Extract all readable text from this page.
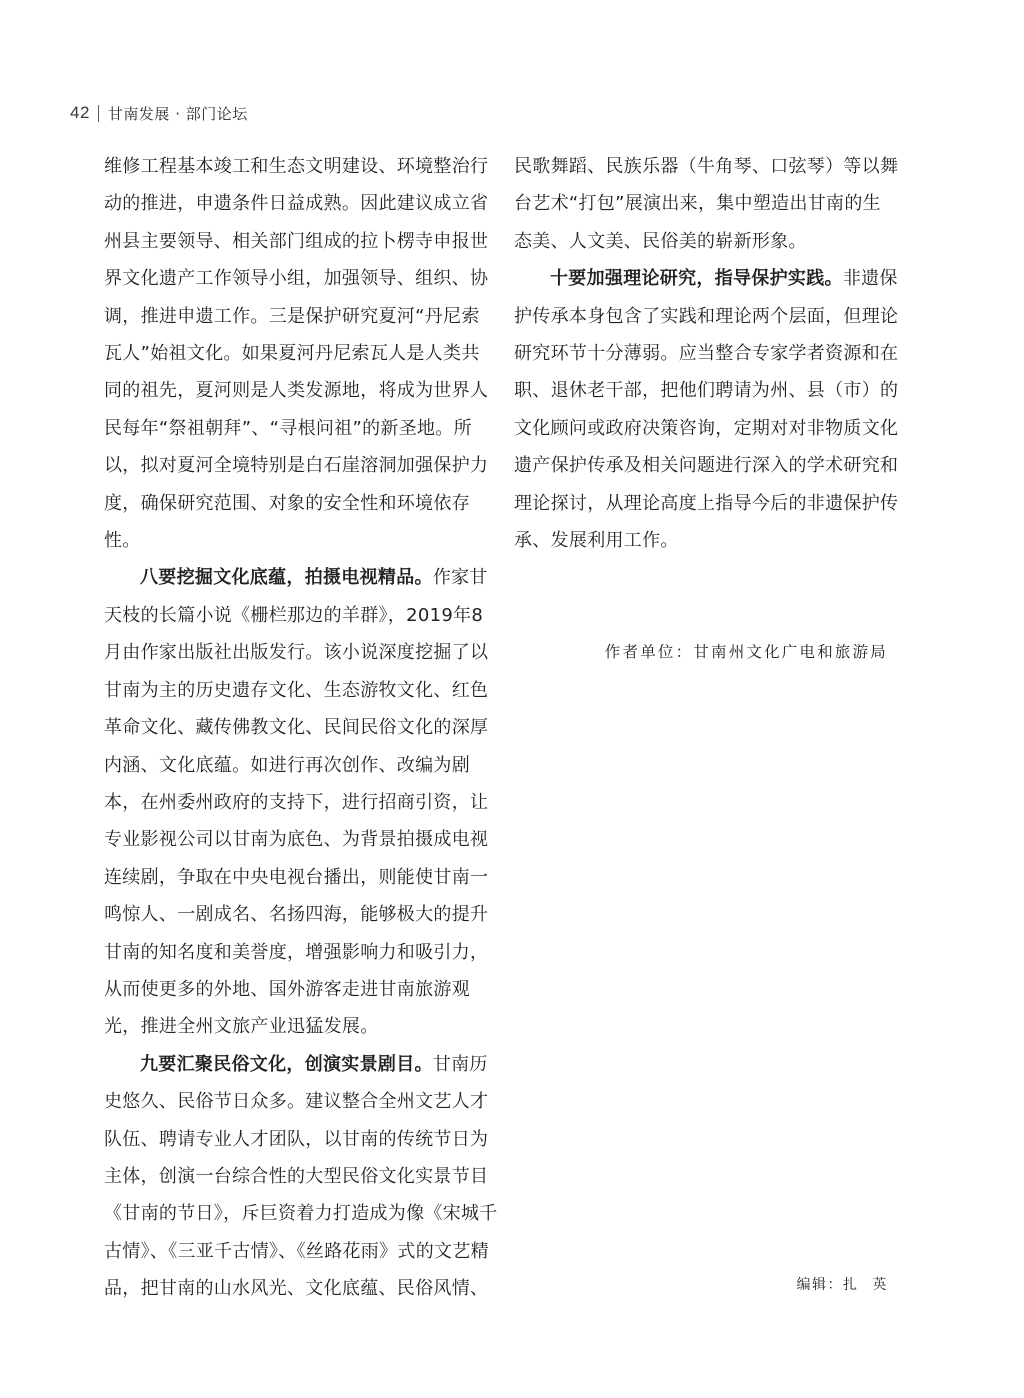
42 甘南发展 · 部门论坛

维修工程基本竣工和生态文明建设、环境整治行

动的推进，申遗条件日益成熟。因此建议成立省

州县主要领导、相关部门组成的拉卜楞寺申报世

界文化遗产工作领导小组，加强领导、组织、协

调，推进申遗工作。三是保护研究夏河“丹尼索

瓦人”始祖文化。如果夏河丹尼索瓦人是人类共

同的祖先，夏河则是人类发源地，将成为世界人

民每年“祭祖朝拜”、“寻根问祖”的新圣地。所

以，拟对夏河全境特别是白石崖溶洞加强保护力

度，确保研究范围、对象的安全性和环境依存

性。

八要挖掘文化底蕴，拍摄电视精品。作家甘

天枝的长篇小说《栅栏那边的羊群》，2019年8

月由作家出版社出版发行。该小说深度挖掘了以

甘南为主的历史遗存文化、生态游牧文化、红色

革命文化、藏传佛教文化、民间民俗文化的深厚

内涵、文化底蕴。如进行再次创作、改编为剧

本，在州委州政府的支持下，进行招商引资，让

专业影视公司以甘南为底色、为背景拍摄成电视

连续剧，争取在中央电视台播出，则能使甘南一

鸣惊人、一剧成名、名扬四海，能够极大的提升

甘南的知名度和美誉度，增强影响力和吸引力，

从而使更多的外地、国外游客走进甘南旅游观

光，推进全州文旅产业迅猛发展。

九要汇聚民俗文化，创演实景剧目。甘南历

史悠久、民俗节日众多。建议整合全州文艺人才

队伍、聘请专业人才团队，以甘南的传统节日为

主体，创演一台综合性的大型民俗文化实景节目

《甘南的节日》，斥巨资着力打造成为像《宋城千

古情》、《三亚千古情》、《丝路花雨》式的文艺精

品，把甘南的山水风光、文化底蕴、民俗风情、

民歌舞蹈、民族乐器（牛角琴、口弦琴）等以舞

台艺术“打包”展演出来，集中塑造出甘南的生

态美、人文美、民俗美的崭新形象。

十要加强理论研究，指导保护实践。非遗保

护传承本身包含了实践和理论两个层面，但理论

研究环节十分薄弱。应当整合专家学者资源和在

职、退休老干部，把他们聘请为州、县（市）的

文化顾问或政府决策咨询，定期对对非物质文化

遗产保护传承及相关问题进行深入的学术研究和

理论探讨，从理论高度上指导今后的非遗保护传

承、发展利用工作。

作者单位：甘南州文化广电和旅游局
编辑：扎 英
